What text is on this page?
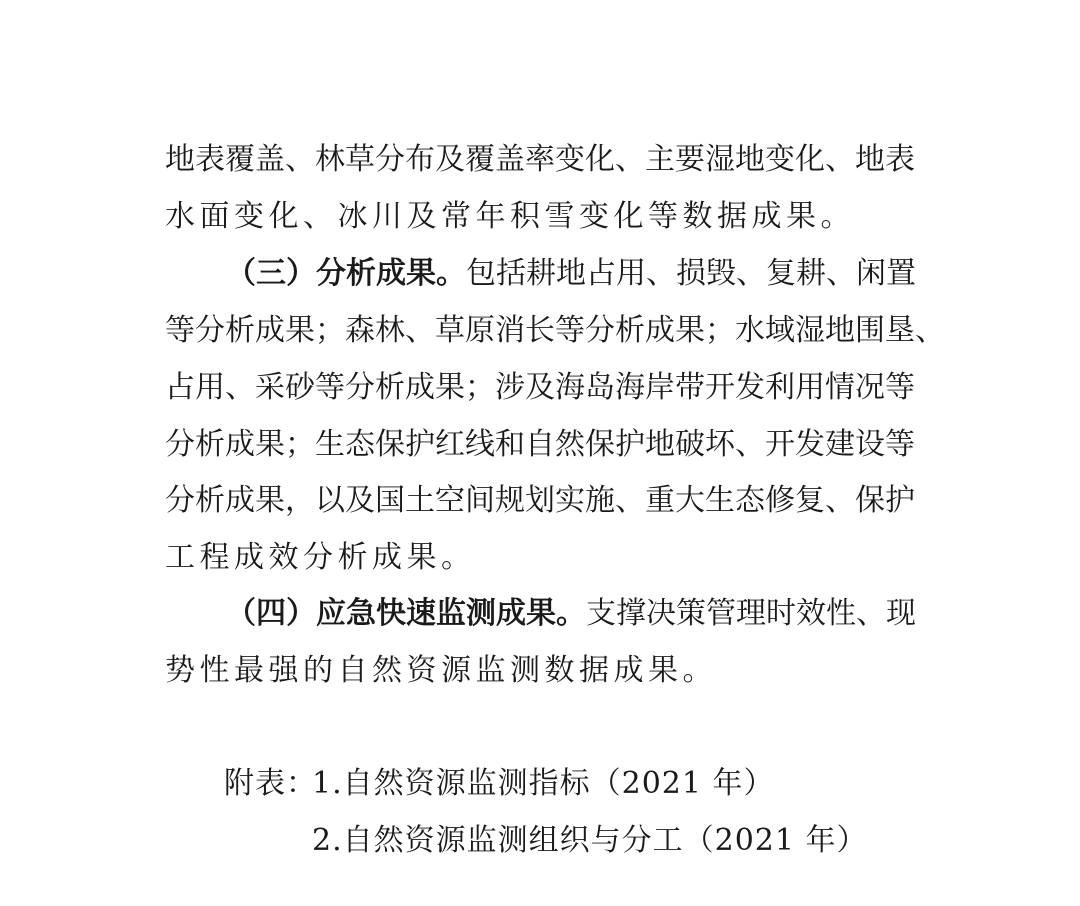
地表覆盖、林草分布及覆盖率变化、主要湿地变化、地表
水面变化、冰川及常年积雪变化等数据成果。
（三）分析成果。包括耕地占用、损毁、复耕、闲置
等分析成果；森林、草原消长等分析成果；水域湿地围垦、
占用、采砂等分析成果；涉及海岛海岸带开发利用情况等
分析成果；生态保护红线和自然保护地破坏、开发建设等
分析成果，以及国土空间规划实施、重大生态修复、保护
工程成效分析成果。
（四）应急快速监测成果。支撑决策管理时效性、现
势性最强的自然资源监测数据成果。
附表：
1.自然资源监测指标（2021 年）
2.自然资源监测组织与分工（2021 年）
